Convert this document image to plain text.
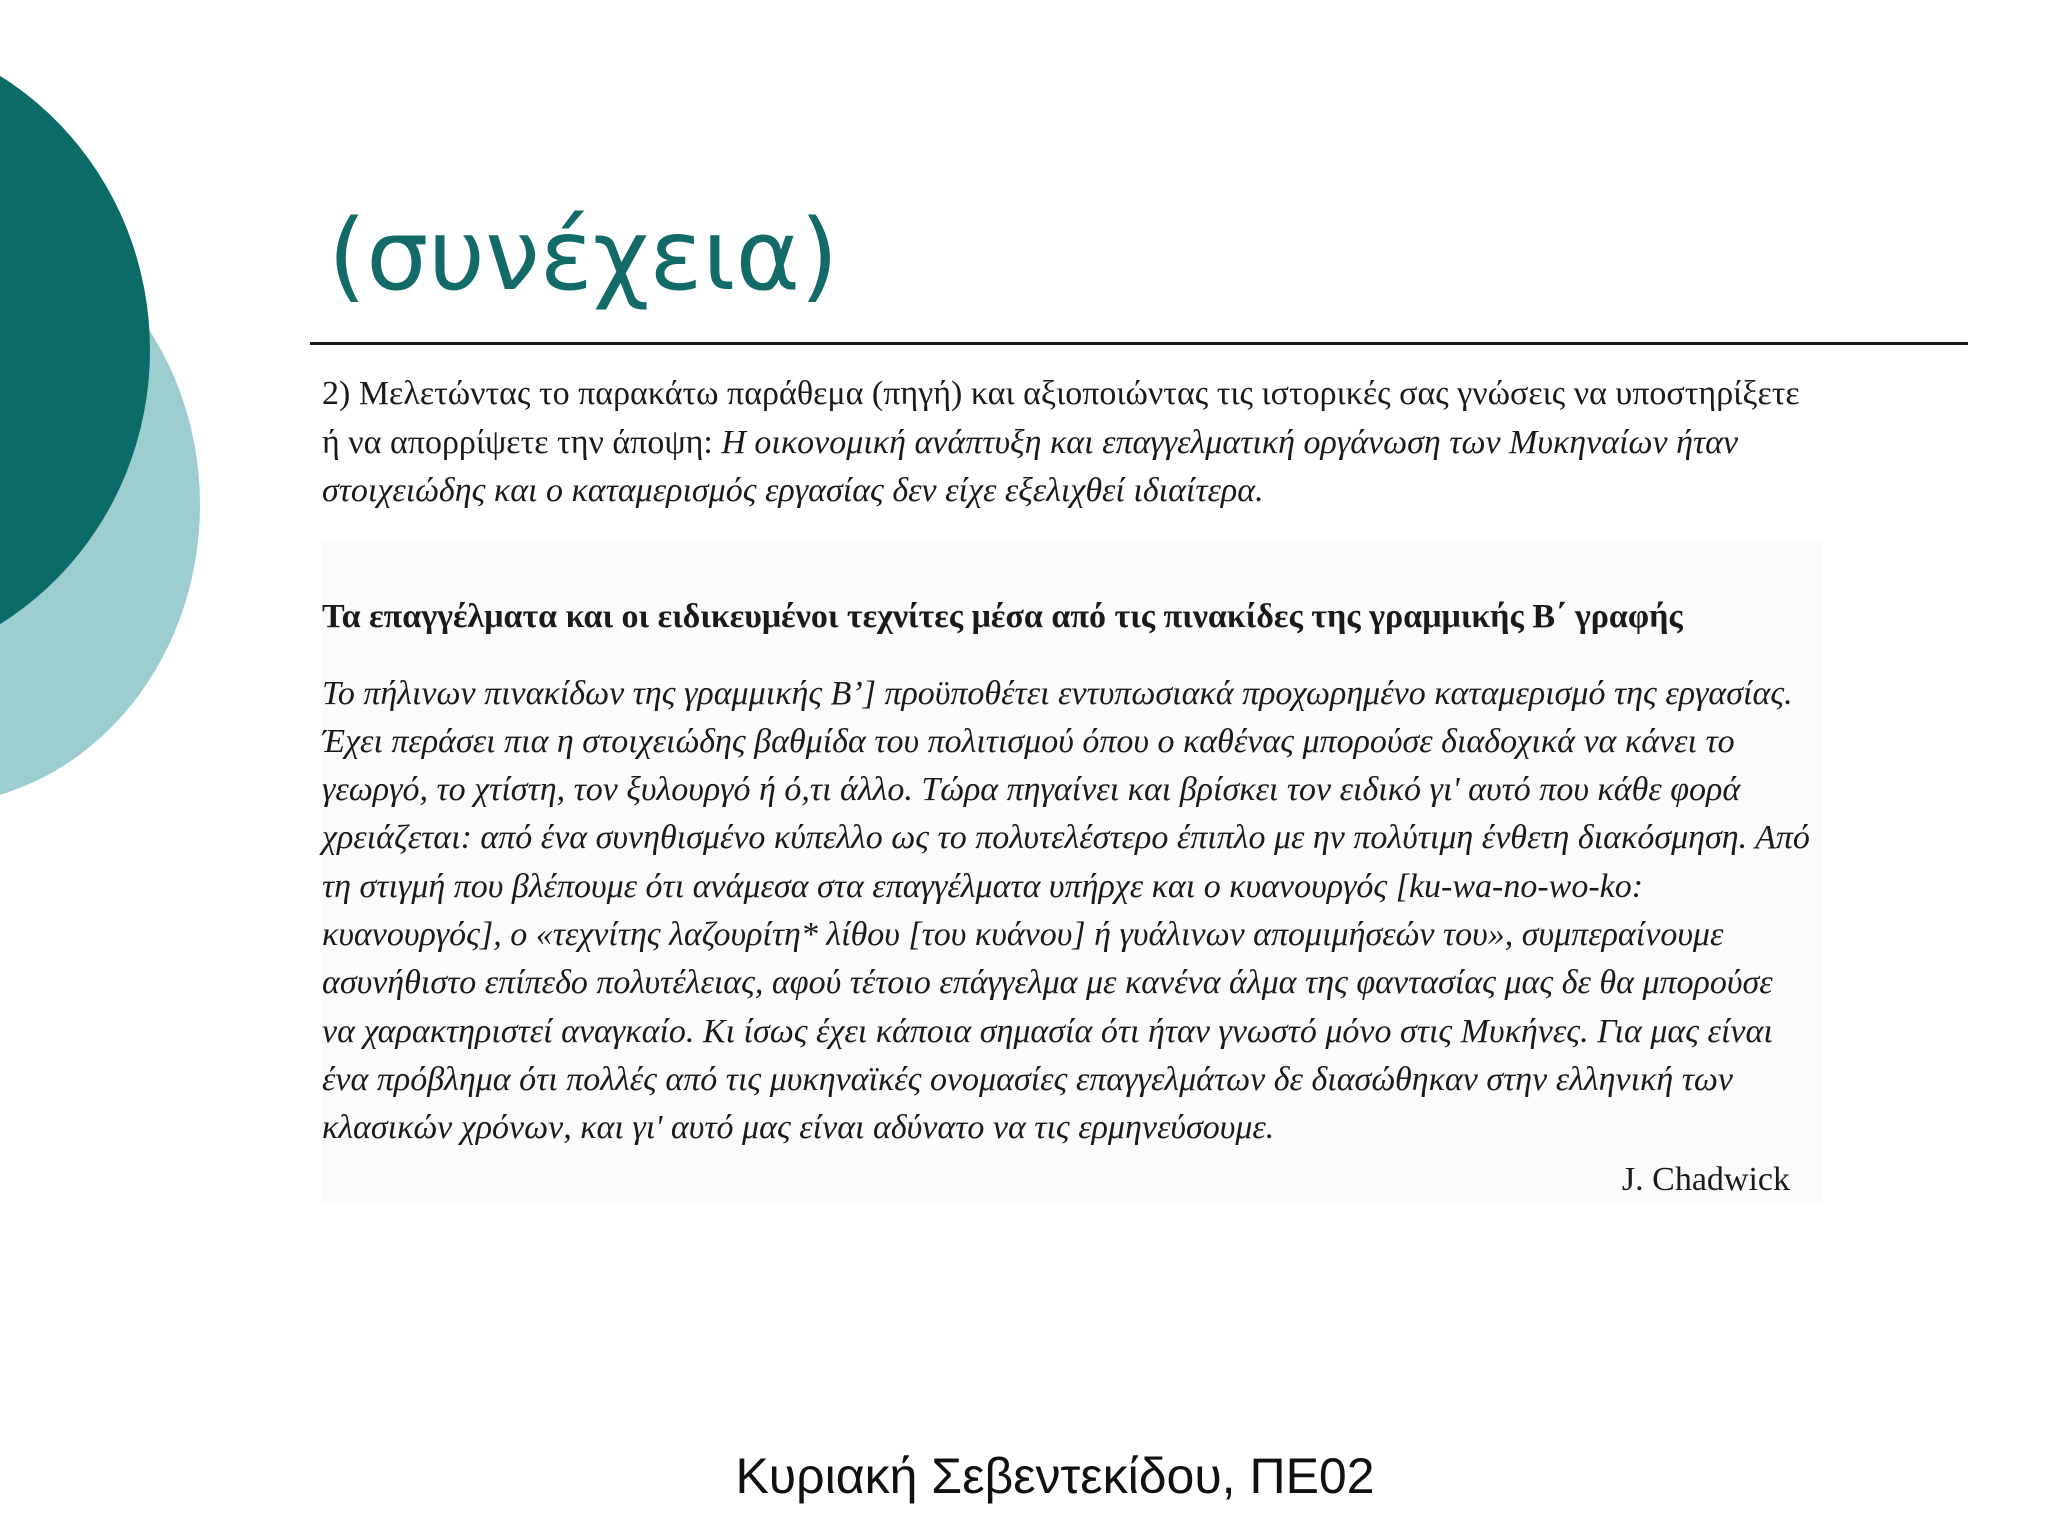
(συνέχεια)

2) Μελετώντας το παρακάτω παράθεμα (πηγή) και αξιοποιώντας τις ιστορικές σας γνώσεις να υποστηρίξετε ή να απορρίψετε την άποψη: Η οικονομική ανάπτυξη και επαγγελματική οργάνωση των Μυκηναίων ήταν στοιχειώδης και ο καταμερισμός εργασίας δεν είχε εξελιχθεί ιδιαίτερα.

Τα επαγγέλματα και οι ειδικευμένοι τεχνίτες μέσα από τις πινακίδες της γραμμικής Β΄ γραφής

Το πήλινων πινακίδων της γραμμικής Β’] προϋποθέτει εντυπωσιακά προχωρημένο καταμερισμό της εργασίας. Έχει περάσει πια η στοιχειώδης βαθμίδα του πολιτισμού όπου ο καθένας μπορούσε διαδοχικά να κάνει το γεωργό, το χτίστη, τον ξυλουργό ή ό,τι άλλο. Τώρα πηγαίνει και βρίσκει τον ειδικό γι' αυτό που κάθε φορά χρειάζεται: από ένα συνηθισμένο κύπελλο ως το πολυτελέστερο έπιπλο με ην πολύτιμη ένθετη διακόσμηση. Από τη στιγμή που βλέπουμε ότι ανάμεσα στα επαγγέλματα υπήρχε και ο κυανουργός [ku-wa-no-wo-ko: κυανουργός], ο «τεχνίτης λαζουρίτη* λίθου [του κυάνου] ή γυάλινων απομιμήσεών του», συμπεραίνουμε ασυνήθιστο επίπεδο πολυτέλειας, αφού τέτοιο επάγγελμα με κανένα άλμα της φαντασίας μας δε θα μπορούσε να χαρακτηριστεί αναγκαίο. Κι ίσως έχει κάποια σημασία ότι ήταν γνωστό μόνο στις Μυκήνες. Για μας είναι ένα πρόβλημα ότι πολλές από τις μυκηναϊκές ονομασίες επαγγελμάτων δε διασώθηκαν στην ελληνική των κλασικών χρόνων, και γι' αυτό μας είναι αδύνατο να τις ερμηνεύσουμε.

J. Chadwick

Κυριακή Σεβεντεκίδου, ΠΕ02
